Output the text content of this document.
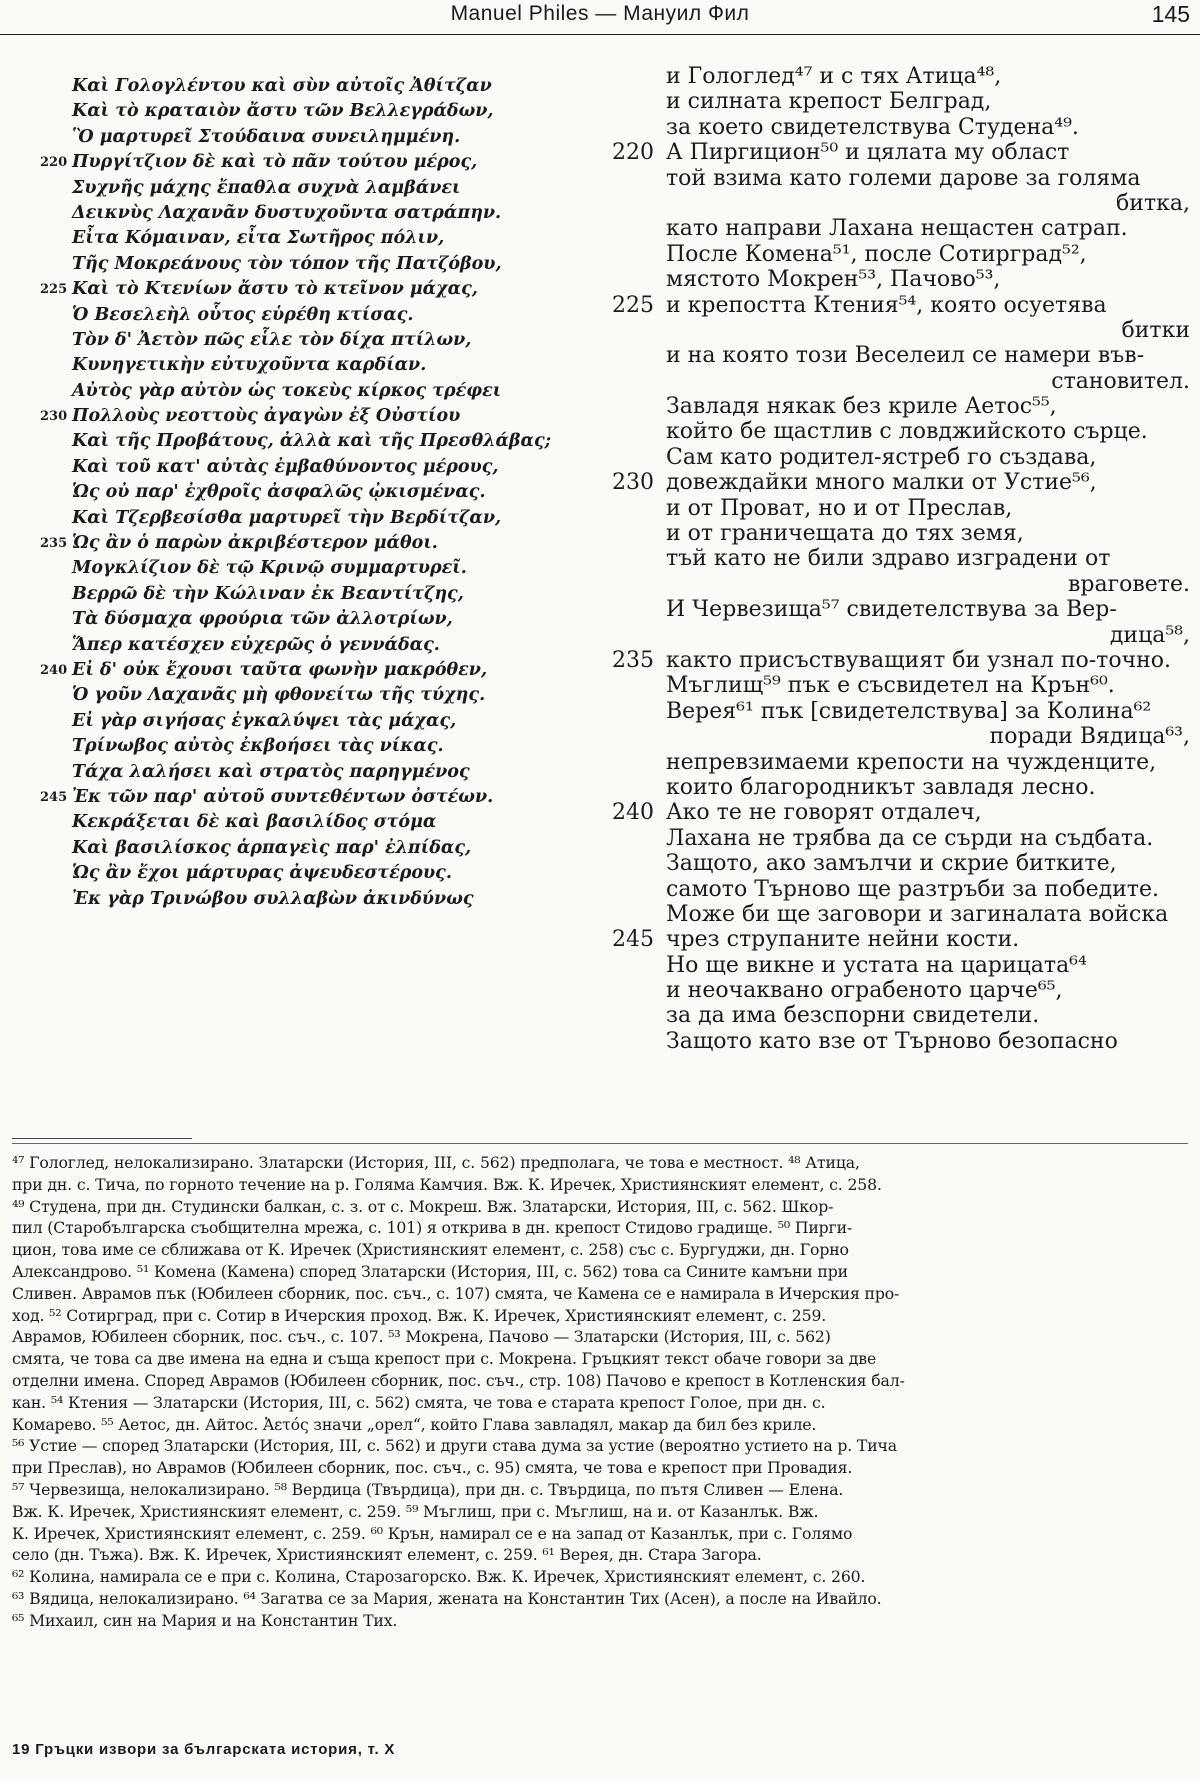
Manuel Philes — Мануил Фил	145
Καὶ Γολογλέντου καὶ σὺν αὐτοῖς Ἀθίτζαν
Καὶ τὸ κραταιὸν ἄστυ τῶν Βελλεγράδων,
Ὃ μαρτυρεῖ Στούδαινα συνειλημμένη.
220 Πυργίτζιον δὲ καὶ τὸ πᾶν τούτου μέρος,
Συχνῆς μάχης ἔπαθλα συχνὰ λαμβάνει
Δεικνὺς Λαχανᾶν δυστυχοῦντα σατράπην.
Εἶτα Κόμαιναν, εἶτα Σωτῆρος πόλιν,
Τῆς Μοκρεάνους τὸν τόπον τῆς Πατζόβου,
225 Καὶ τὸ Κτενίων ἄστυ τὸ κτεῖνον μάχας,
Ὁ Βεσελεὴλ οὗτος εὑρέθη κτίσας.
Τὸν δ' Ἀετὸν πῶς εἷλε τὸν δίχα πτίλων,
Κυνηγετικὴν εὐτυχοῦντα καρδίαν.
Αὐτὸς γὰρ αὐτὸν ὡς τοκεὺς κίρκος τρέφει
230 Πολλοὺς νεοττοὺς ἀγαγὼν ἐξ Οὐστίου
Καὶ τῆς Προβάτους, ἀλλὰ καὶ τῆς Πρεσθλάβας;
Καὶ τοῦ κατ' αὐτὰς ἐμβαθύνοντος μέρους,
Ὡς οὐ παρ' ἐχθροῖς ἀσφαλῶς ᾠκισμένας.
Καὶ Τζερβεσίσθα μαρτυρεῖ τὴν Βερδίτζαν,
235 Ὡς ἂν ὁ παρὼν ἀκριβέστερον μάθοι.
Μογκλίζιον δὲ τῷ Κρινῷ συμμαρτυρεῖ.
Βερρῶ δὲ τὴν Κώλιναν ἐκ Βεαντίτζης,
Τὰ δύσμαχα φρούρια τῶν ἀλλοτρίων,
Ἅπερ κατέσχεν εὐχερῶς ὁ γεννάδας.
240 Εἰ δ' οὐκ ἔχουσι ταῦτα φωνὴν μακρόθεν,
Ὁ γοῦν Λαχανᾶς μὴ φθονείτω τῆς τύχης.
Εἰ γὰρ σιγήσας ἐγκαλύψει τὰς μάχας,
Τρίνωβος αὐτὸς ἐκβοήσει τὰς νίκας.
Τάχα λαλήσει καὶ στρατὸς παρηγμένος
245 Ἐκ τῶν παρ' αὐτοῦ συντεθέντων ὀστέων.
Κεκράξεται δὲ καὶ βασιλίδος στόμα
Καὶ βασιλίσκος ἁρπαγεὶς παρ' ἐλπίδας,
Ὡς ἂν ἔχοι μάρτυρας ἀψευδεστέρους.
Ἐκ γὰρ Τρινώβου συλλαβὼν ἀκινδύνως
и Гологлед⁴⁷ и с тях Атица⁴⁸,
и силната крепост Белград,
за което свидетелствува Студена⁴⁹.
220 А Пиргицион⁵⁰ и цялата му област
той взима като големи дарове за голяма
битка,
като направи Лахана нещастен сатрап.
После Комена⁵¹, после Сотирград⁵²,
мястото Мокрен⁵³, Пачово⁵³,
225 и крепостта Ктения⁵⁴, която осуетява
битки
и на която този Веселеил се намери във-
становител.
Завладя някак без криле Аетос⁵⁵,
който бе щастлив с ловджийското сърце.
Сам като родител-ястреб го създава,
230 довеждайки много малки от Устие⁵⁶,
и от Проват, но и от Преслав,
и от граничещата до тях земя,
тъй като не били здраво изградени от
враговете.
И Червезища⁵⁷ свидетелствува за Вер-
дица⁵⁸,
235 както присъствуващият би узнал по-точно.
Мъглищ⁵⁹ пък е съсвидетел на Крън⁶⁰.
Верея⁶¹ пък [свидетелствува] за Колина⁶²
поради Вядица⁶³,
непревзимаеми крепости на чужденците,
които благородникът завладя лесно.
240 Ако те не говорят отдалеч,
Лахана не трябва да се сърди на съдбата.
Защото, ако замълчи и скрие битките,
самото Търново ще разтръби за победите.
Може би ще заговори и загиналата войска
245 чрез струпаните нейни кости.
Но ще викне и устата на царицата⁶⁴
и неочаквано ограбеното царче⁶⁵,
за да има безспорни свидетели.
Защото като взе от Търново безопасно
⁴⁷ Гологлед, нелокализирано. Златарски (История, III, с. 562) предполага, че това е местност. ⁴⁸ Атица,
при дн. с. Тича, по горното течение на р. Голяма Камчия. Вж. К. Иречек, Християнският елемент, с. 258.
⁴⁹ Студена, при дн. Студински балкан, с. з. от с. Мокреш. Вж. Златарски, История, III, с. 562. Шкор-
пил (Старобългарска съобщителна мрежа, с. 101) я открива в дн. крепост Стидово градище. ⁵⁰ Пирги-
цион, това име се сближава от К. Иречек (Християнският елемент, с. 258) със с. Бургуджи, дн. Горно
Александрово. ⁵¹ Комена (Камена) според Златарски (История, III, с. 562) това са Сините камъни при
Сливен. Аврамов пък (Юбилеен сборник, пос. съч., с. 107) смята, че Камена се е намирала в Ичерския про-
ход. ⁵² Сотирград, при с. Сотир в Ичерския проход. Вж. К. Иречек, Християнският елемент, с. 259.
Аврамов, Юбилеен сборник, пос. съч., с. 107. ⁵³ Мокрена, Пачово — Златарски (История, III, с. 562)
смята, че това са две имена на една и съща крепост при с. Мокрена. Гръцкият текст обаче говори за две
отделни имена. Според Аврамов (Юбилеен сборник, пос. съч., стр. 108) Пачово е крепост в Котленския бал-
кан. ⁵⁴ Ктения — Златарски (История, III, с. 562) смята, че това е старата крепост Голое, при дн. с.
Комарево. ⁵⁵ Аетос, дн. Айтос. Ἀετός значи „орел“, който Глава завладял, макар да бил без криле.
⁵⁶ Устие — според Златарски (История, III, с. 562) и други става дума за устие (вероятно устието на р. Тича
при Преслав), но Аврамов (Юбилеен сборник, пос. съч., с. 95) смята, че това е крепост при Провадия.
⁵⁷ Червезища, нелокализирано. ⁵⁸ Вердица (Твърдица), при дн. с. Твърдица, по пътя Сливен — Елена.
Вж. К. Иречек, Християнският елемент, с. 259. ⁵⁹ Мъглиш, при с. Мъглиш, на и. от Казанлък. Вж.
К. Иречек, Християнският елемент, с. 259. ⁶⁰ Крън, намирал се е на запад от Казанлък, при с. Голямо
село (дн. Тъжа). Вж. К. Иречек, Християнският елемент, с. 259. ⁶¹ Верея, дн. Стара Загора.
⁶² Колина, намирала се е при с. Колина, Старозагорско. Вж. К. Иречек, Християнският елемент, с. 260.
⁶³ Вядица, нелокализирано. ⁶⁴ Загатва се за Мария, жената на Константин Тих (Асен), а после на Ивайло.
⁶⁵ Михаил, син на Мария и на Константин Тих.
19 Гръцки извори за българската история, т. X
